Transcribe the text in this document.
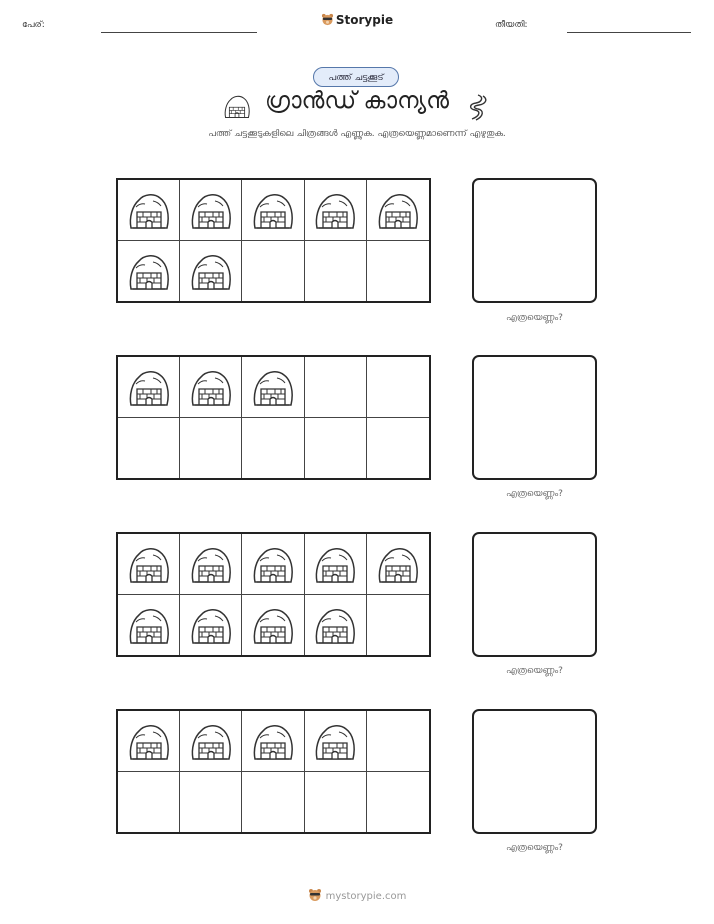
പേര്:	Storypie	തീയതി:
പത്ത് ചട്ടക്കൂട്
ഗ്രാൻഡ് കാന്യൻ
പത്ത് ചട്ടക്കൂടുകളിലെ ചിത്രങ്ങൾ എണ്ണുക. എത്രയെണ്ണമാണെന്ന് എഴുതുക.
എത്രയെണ്ണം?
എത്രയെണ്ണം?
എത്രയെണ്ണം?
എത്രയെണ്ണം?
mystorypie.com
